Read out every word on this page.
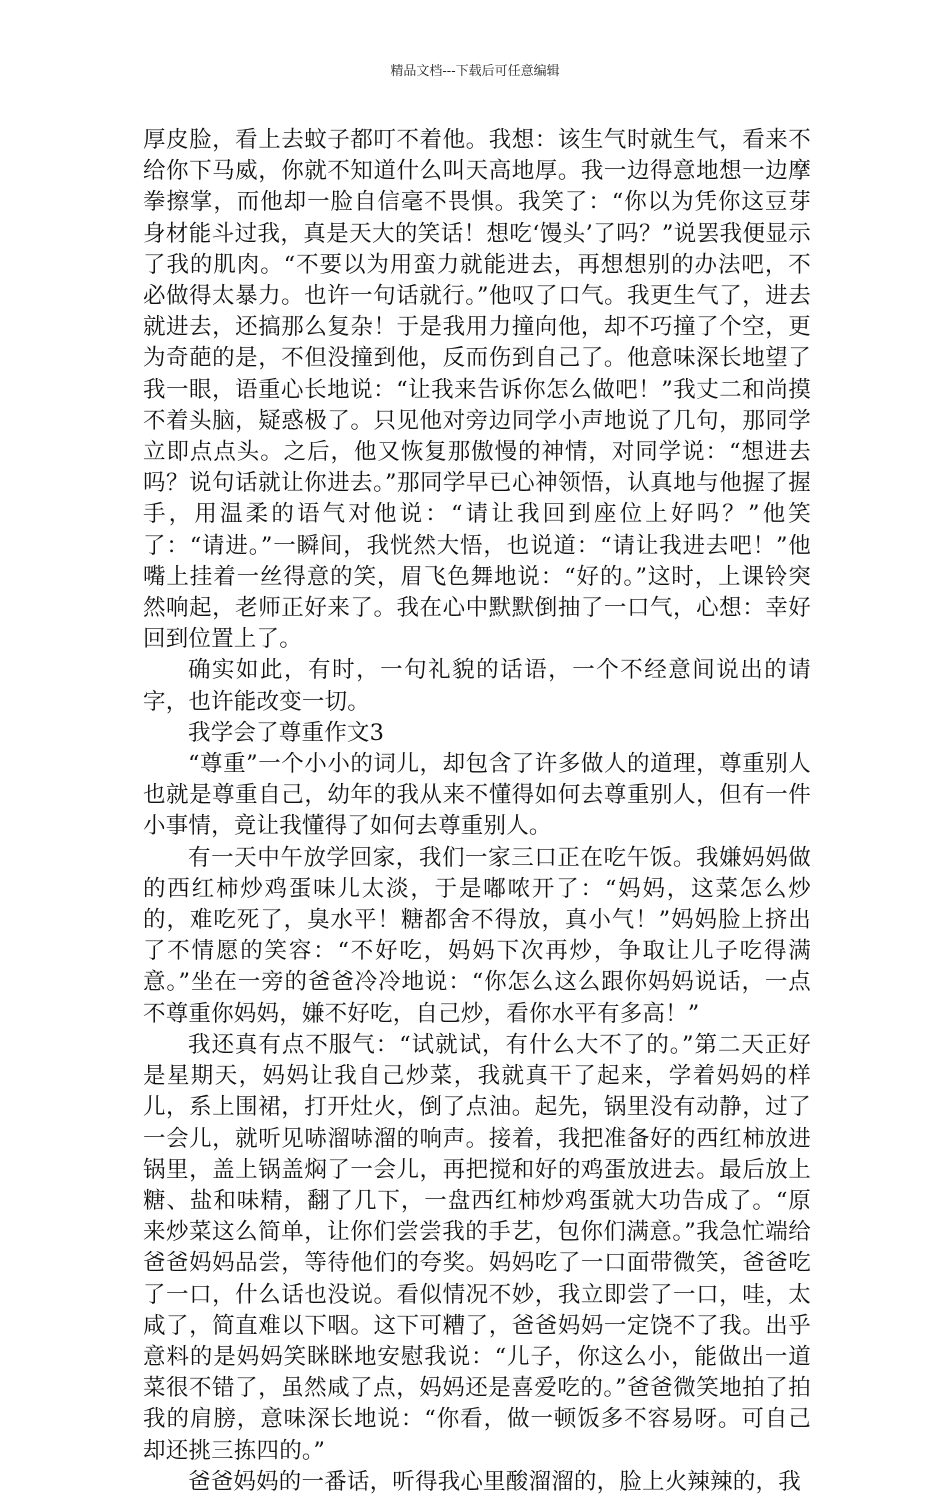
精品文档---下载后可任意编辑

厚皮脸，看上去蚊子都叮不着他。我想：该生气时就生气，看来不给你下马威，你就不知道什么叫天高地厚。我一边得意地想一边摩拳擦掌，而他却一脸自信毫不畏惧。我笑了：“你以为凭你这豆芽身材能斗过我，真是天大的笑话！想吃‘馒头’了吗？”说罢我便显示了我的肌肉。“不要以为用蛮力就能进去，再想想别的办法吧，不必做得太暴力。也许一句话就行。”他叹了口气。我更生气了，进去就进去，还搞那么复杂！于是我用力撞向他，却不巧撞了个空，更为奇葩的是，不但没撞到他，反而伤到自己了。他意味深长地望了我一眼，语重心长地说：“让我来告诉你怎么做吧！”我丈二和尚摸不着头脑，疑惑极了。只见他对旁边同学小声地说了几句，那同学立即点点头。之后，他又恢复那傲慢的神情，对同学说：“想进去吗？说句话就让你进去。”那同学早已心神领悟，认真地与他握了握手，用温柔的语气对他说：“请让我回到座位上好吗？”他笑了：“请进。”一瞬间，我恍然大悟，也说道：“请让我进去吧！”他嘴上挂着一丝得意的笑，眉飞色舞地说：“好的。”这时，上课铃突然响起，老师正好来了。我在心中默默倒抽了一口气，心想：幸好回到位置上了。

确实如此，有时，一句礼貌的话语，一个不经意间说出的请字，也许能改变一切。

我学会了尊重作文3

“尊重”一个小小的词儿，却包含了许多做人的道理，尊重别人也就是尊重自己，幼年的我从来不懂得如何去尊重别人，但有一件小事情，竟让我懂得了如何去尊重别人。

有一天中午放学回家，我们一家三口正在吃午饭。我嫌妈妈做的西红柿炒鸡蛋味儿太淡，于是嘟哝开了：“妈妈，这菜怎么炒的，难吃死了，臭水平！糖都舍不得放，真小气！”妈妈脸上挤出了不情愿的笑容：“不好吃，妈妈下次再炒，争取让儿子吃得满意。”坐在一旁的爸爸冷冷地说：“你怎么这么跟你妈妈说话，一点不尊重你妈妈，嫌不好吃，自己炒，看你水平有多高！”

我还真有点不服气：“试就试，有什么大不了的。”第二天正好是星期天，妈妈让我自己炒菜，我就真干了起来，学着妈妈的样儿，系上围裙，打开灶火，倒了点油。起先，锅里没有动静，过了一会儿，就听见哧溜哧溜的响声。接着，我把准备好的西红柿放进锅里，盖上锅盖焖了一会儿，再把搅和好的鸡蛋放进去。最后放上糖、盐和味精，翻了几下，一盘西红柿炒鸡蛋就大功告成了。“原来炒菜这么简单，让你们尝尝我的手艺，包你们满意。”我急忙端给爸爸妈妈品尝，等待他们的夸奖。妈妈吃了一口面带微笑，爸爸吃了一口，什么话也没说。看似情况不妙，我立即尝了一口，哇，太咸了，简直难以下咽。这下可糟了，爸爸妈妈一定饶不了我。出乎意料的是妈妈笑眯眯地安慰我说：“儿子，你这么小，能做出一道菜很不错了，虽然咸了点，妈妈还是喜爱吃的。”爸爸微笑地拍了拍我的肩膀，意味深长地说：“你看，做一顿饭多不容易呀。可自己却还挑三拣四的。”

爸爸妈妈的一番话，听得我心里酸溜溜的，脸上火辣辣的，我
